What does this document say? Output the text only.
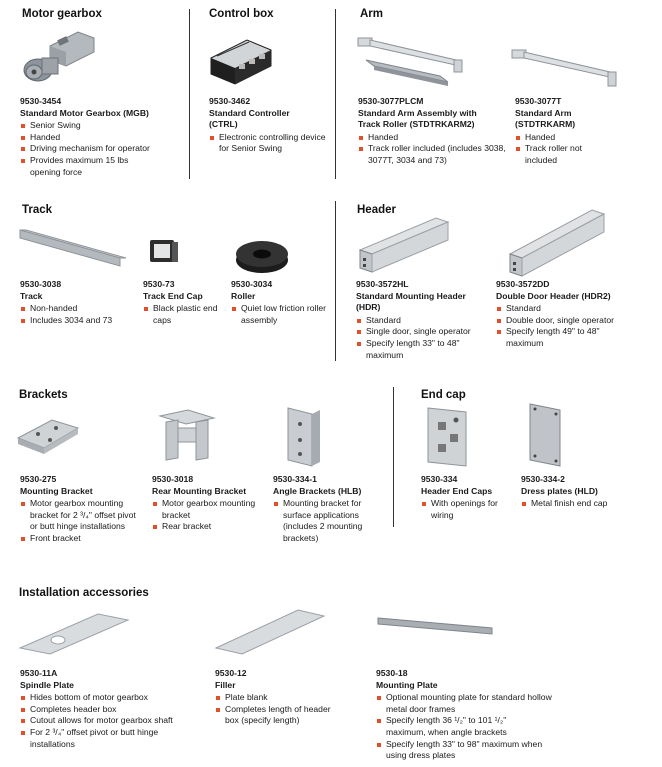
Motor gearbox	Control box	Arm
Track	Header
Brackets	End cap
Installation accessories
9530-3454
Standard Motor Gearbox (MGB)
Senior Swing
Handed
Driving mechanism for operator
Provides maximum 15 lbs opening force
9530-3462
Standard Controller
(CTRL)
Electronic controlling device for Senior Swing
9530-3077PLCM
Standard Arm Assembly with
Track Roller (STDTRKARM2)
Handed
Track roller included (includes 3038, 3077T, 3034 and 73)
9530-3077T
Standard Arm
(STDTRKARM)
Handed
Track roller not included
9530-3038
Track
Non-handed
Includes 3034 and 73
9530-73
Track End Cap
Black plastic end caps
9530-3034
Roller
Quiet low friction roller assembly
9530-3572HL
Standard Mounting Header
(HDR)
Standard
Single door, single operator
Specify length 33" to 48" maximum
9530-3572DD
Double Door Header (HDR2)
Standard
Double door, single operator
Specify length 49" to 48" maximum
9530-275
Mounting Bracket
Motor gearbox mounting bracket for 2 ³/₄" offset pivot or butt hinge installations
Front bracket
9530-3018
Rear Mounting Bracket
Motor gearbox mounting bracket
Rear bracket
9530-334-1
Angle Brackets (HLB)
Mounting bracket for surface applications (includes 2 mounting brackets)
9530-334
Header End Caps
With openings for wiring
9530-334-2
Dress plates (HLD)
Metal finish end cap
9530-11A
Spindle Plate
Hides bottom of motor gearbox
Completes header box
Cutout allows for motor gearbox shaft
For 2 ³/₄" offset pivot or butt hinge installations
9530-12
Filler
Plate blank
Completes length of header box (specify length)
9530-18
Mounting Plate
Optional mounting plate for standard hollow metal door frames
Specify length 36 ¹/₂" to 101 ¹/₂" maximum, when angle brackets
Specify length 33" to 98" maximum when using dress plates
